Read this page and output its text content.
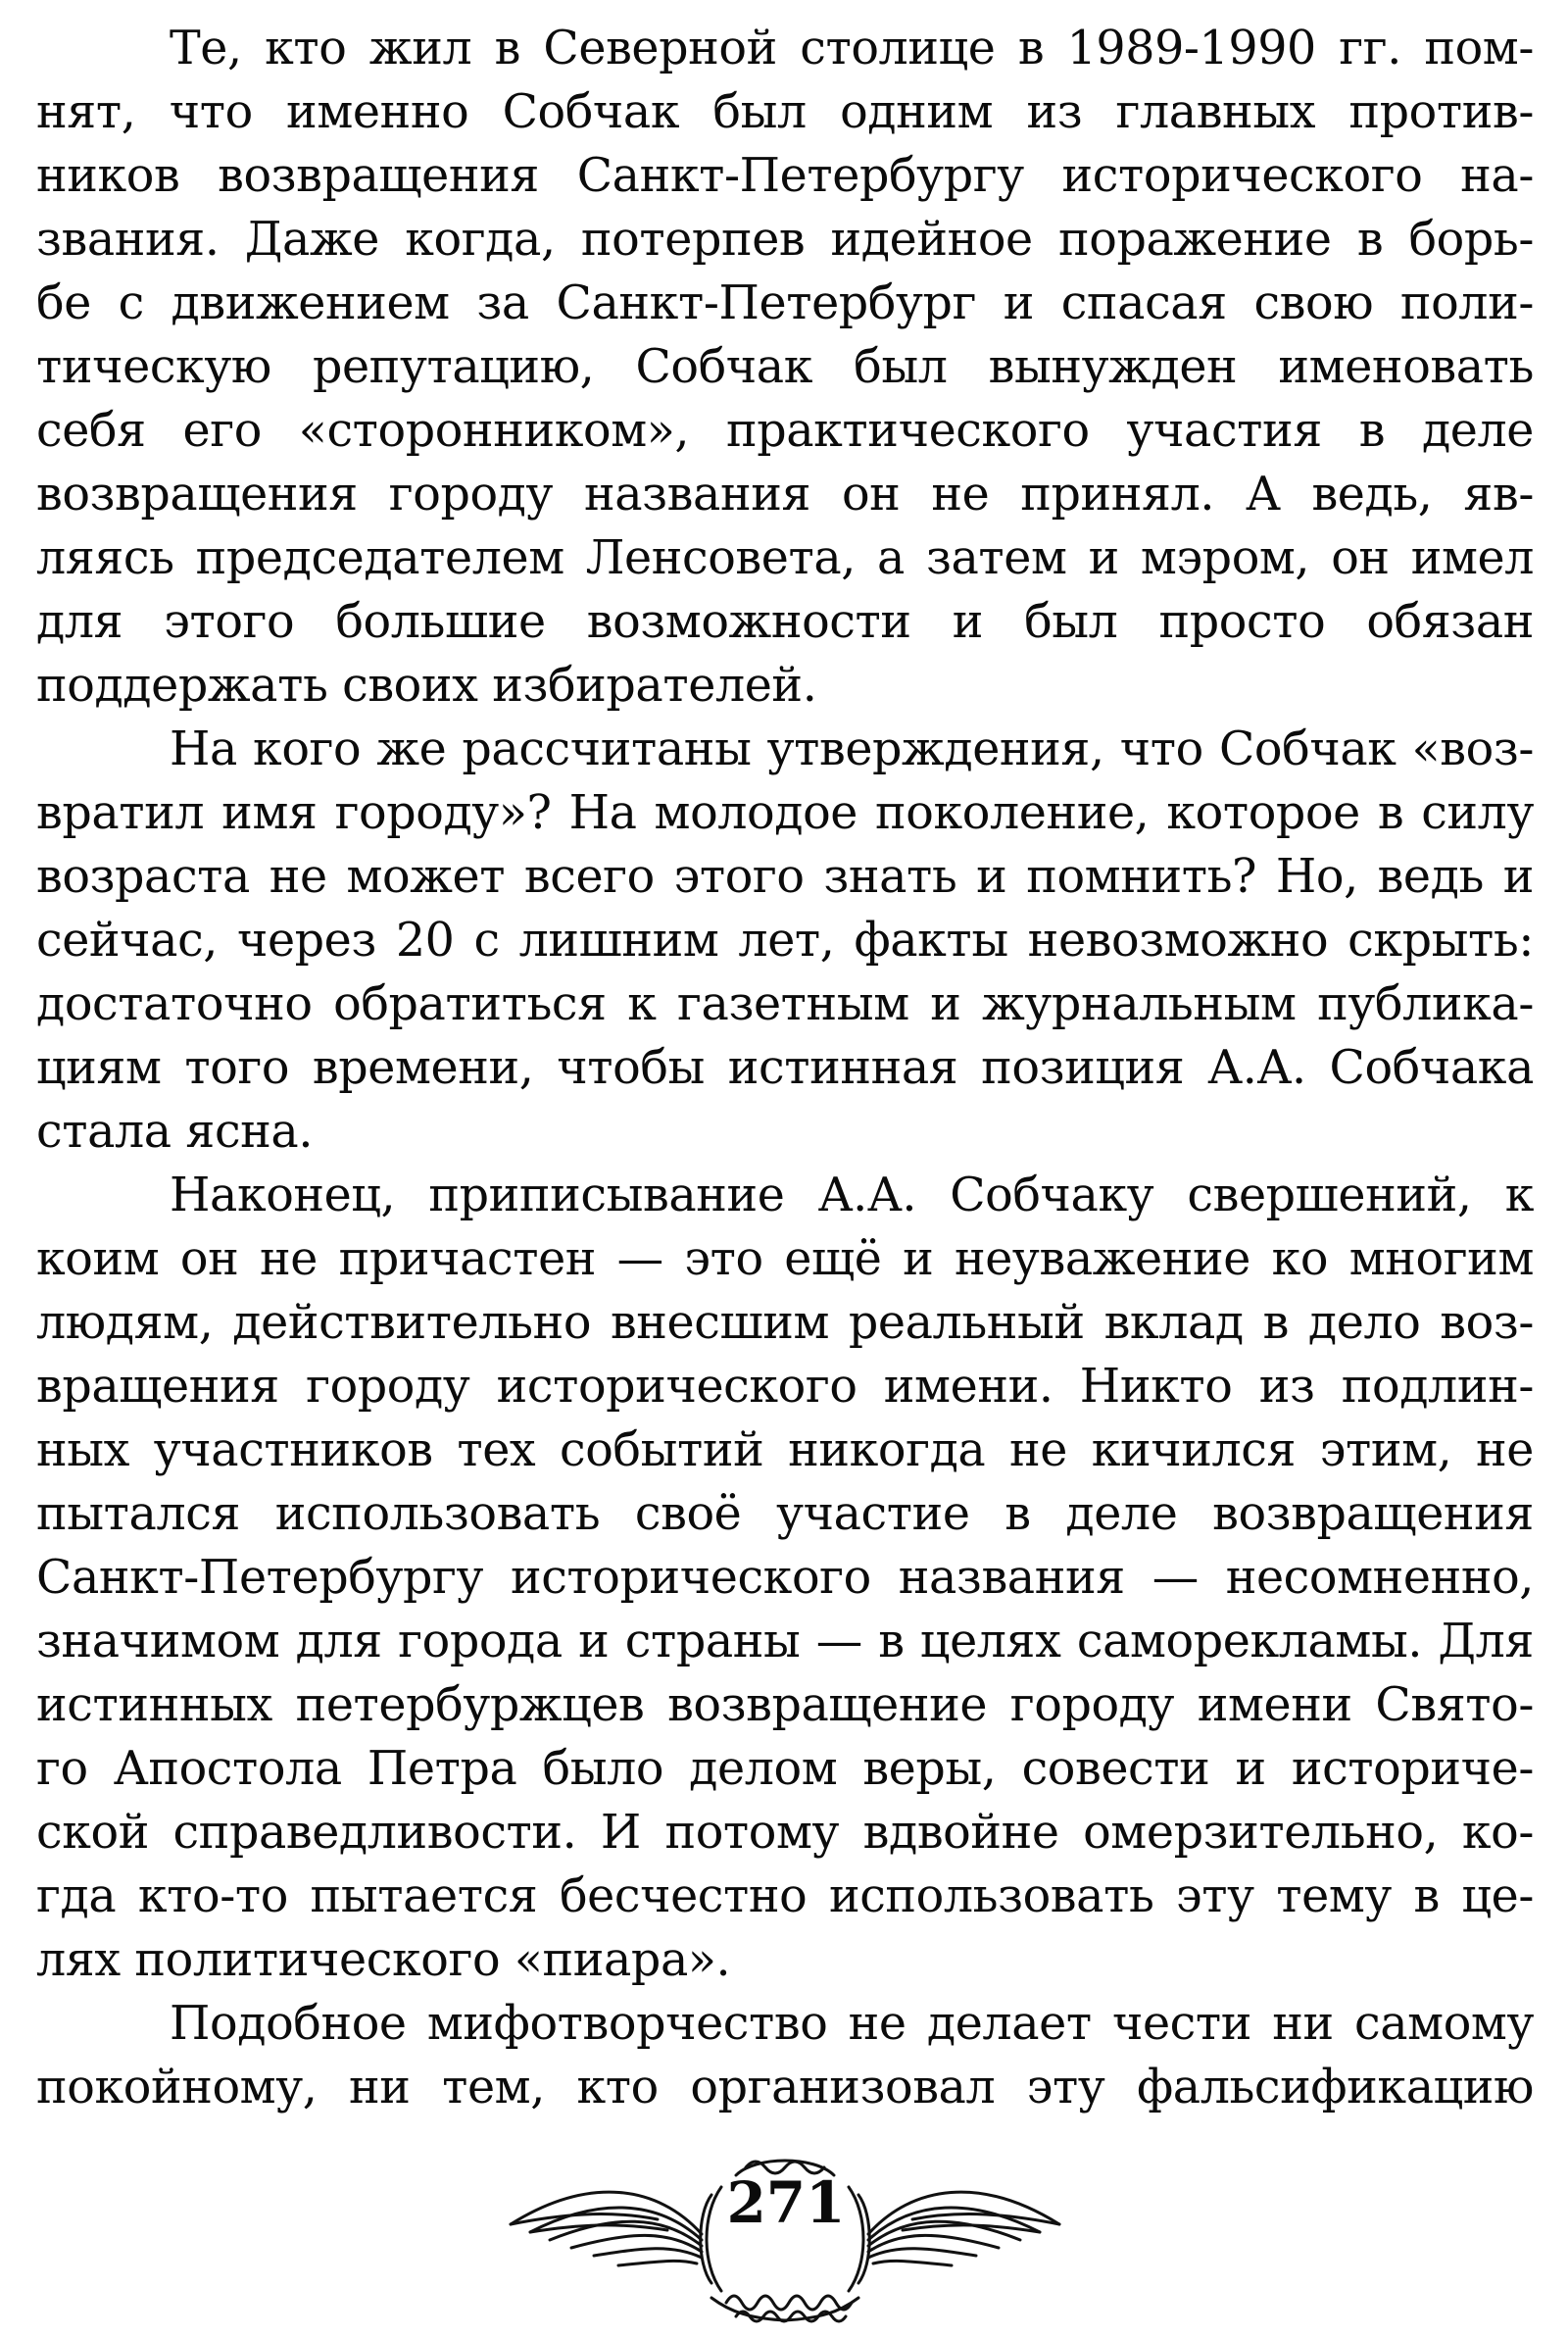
Те, кто жил в Северной столице в 1989-1990 гг. пом-
нят, что именно Собчак был одним из главных против-
ников возвращения Санкт-Петербургу исторического на-
звания. Даже когда, потерпев идейное поражение в борь-
бе с движением за Санкт-Петербург и спасая свою поли-
тическую репутацию, Собчак был вынужден именовать
себя его «сторонником», практического участия в деле
возвращения городу названия он не принял. А ведь, яв-
ляясь председателем Ленсовета, а затем и мэром, он имел
для этого большие возможности и был просто обязан
поддержать своих избирателей.
На кого же рассчитаны утверждения, что Собчак «воз-
вратил имя городу»? На молодое поколение, которое в силу
возраста не может всего этого знать и помнить? Но, ведь и
сейчас, через 20 с лишним лет, факты невозможно скрыть:
достаточно обратиться к газетным и журнальным публика-
циям того времени, чтобы истинная позиция А.А. Собчака
стала ясна.
Наконец, приписывание А.А. Собчаку свершений, к
коим он не причастен — это ещё и неуважение ко многим
людям, действительно внесшим реальный вклад в дело воз-
вращения городу исторического имени. Никто из подлин-
ных участников тех событий никогда не кичился этим, не
пытался использовать своё участие в деле возвращения
Санкт-Петербургу исторического названия — несомненно,
значимом для города и страны — в целях саморекламы. Для
истинных петербуржцев возвращение городу имени Свято-
го Апостола Петра было делом веры, совести и историче-
ской справедливости. И потому вдвойне омерзительно, ко-
гда кто-то пытается бесчестно использовать эту тему в це-
лях политического «пиара».
Подобное мифотворчество не делает чести ни самому
покойному, ни тем, кто организовал эту фальсификацию
271
